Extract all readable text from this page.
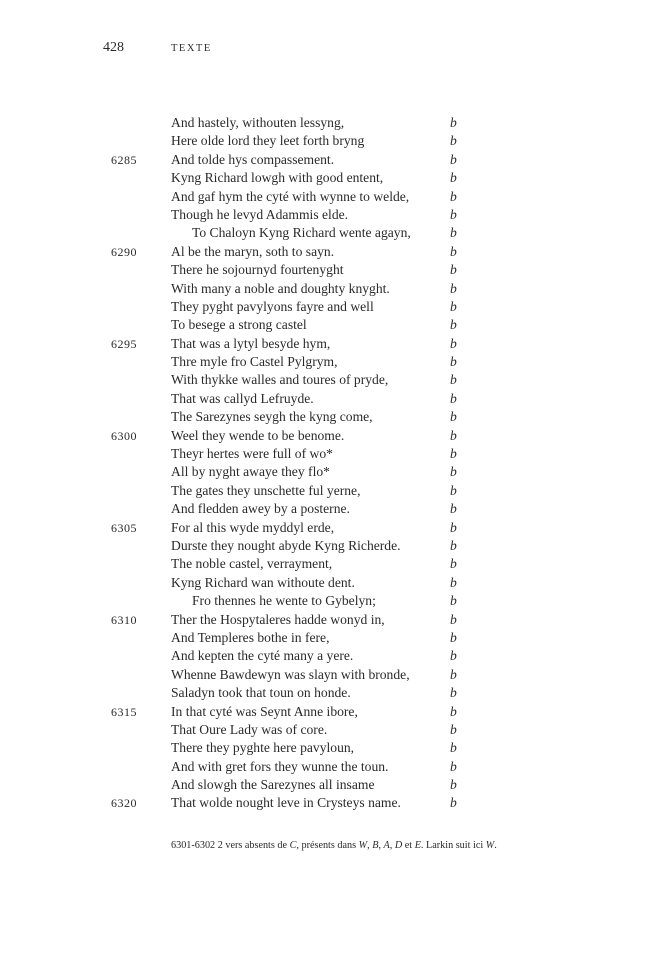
428	TEXTE
And hastely, withouten lessyng,	b
Here olde lord they leet forth bryng	b
6285	And tolde hys compassement.	b
Kyng Richard lowgh with good entent,	b
And gaf hym the cyté with wynne to welde,	b
Though he levyd Adammis elde.	b
To Chaloyn Kyng Richard wente agayn,	b
6290	Al be the maryn, soth to sayn.	b
There he sojournyd fourtenyght	b
With many a noble and doughty knyght.	b
They pyght pavylyons fayre and well	b
To besege a strong castel	b
6295	That was a lytyl besyde hym,	b
Thre myle fro Castel Pylgrym,	b
With thykke walles and toures of pryde,	b
That was callyd Lefruyde.	b
The Sarezynes seygh the kyng come,	b
6300	Weel they wende to be benome.	b
Theyr hertes were full of wo*	b
All by nyght awaye they flo*	b
The gates they unschette ful yerne,	b
And fledden awey by a posterne.	b
6305	For al this wyde myddyl erde,	b
Durste they nought abyde Kyng Richerde.	b
The noble castel, verrayment,	b
Kyng Richard wan withoute dent.	b
Fro thennes he wente to Gybelyn;	b
6310	Ther the Hospytaleres hadde wonyd in,	b
And Templeres bothe in fere,	b
And kepten the cyté many a yere.	b
Whenne Bawdewyn was slayn with bronde,	b
Saladyn took that toun on honde.	b
6315	In that cyté was Seynt Anne ibore,	b
That Oure Lady was of core.	b
There they pyghte here pavyloun,	b
And with gret fors they wunne the toun.	b
And slowgh the Sarezynes all insame	b
6320	That wolde nought leve in Crysteys name.	b
6301-6302 2 vers absents de C, présents dans W, B, A, D et E. Larkin suit ici W.
